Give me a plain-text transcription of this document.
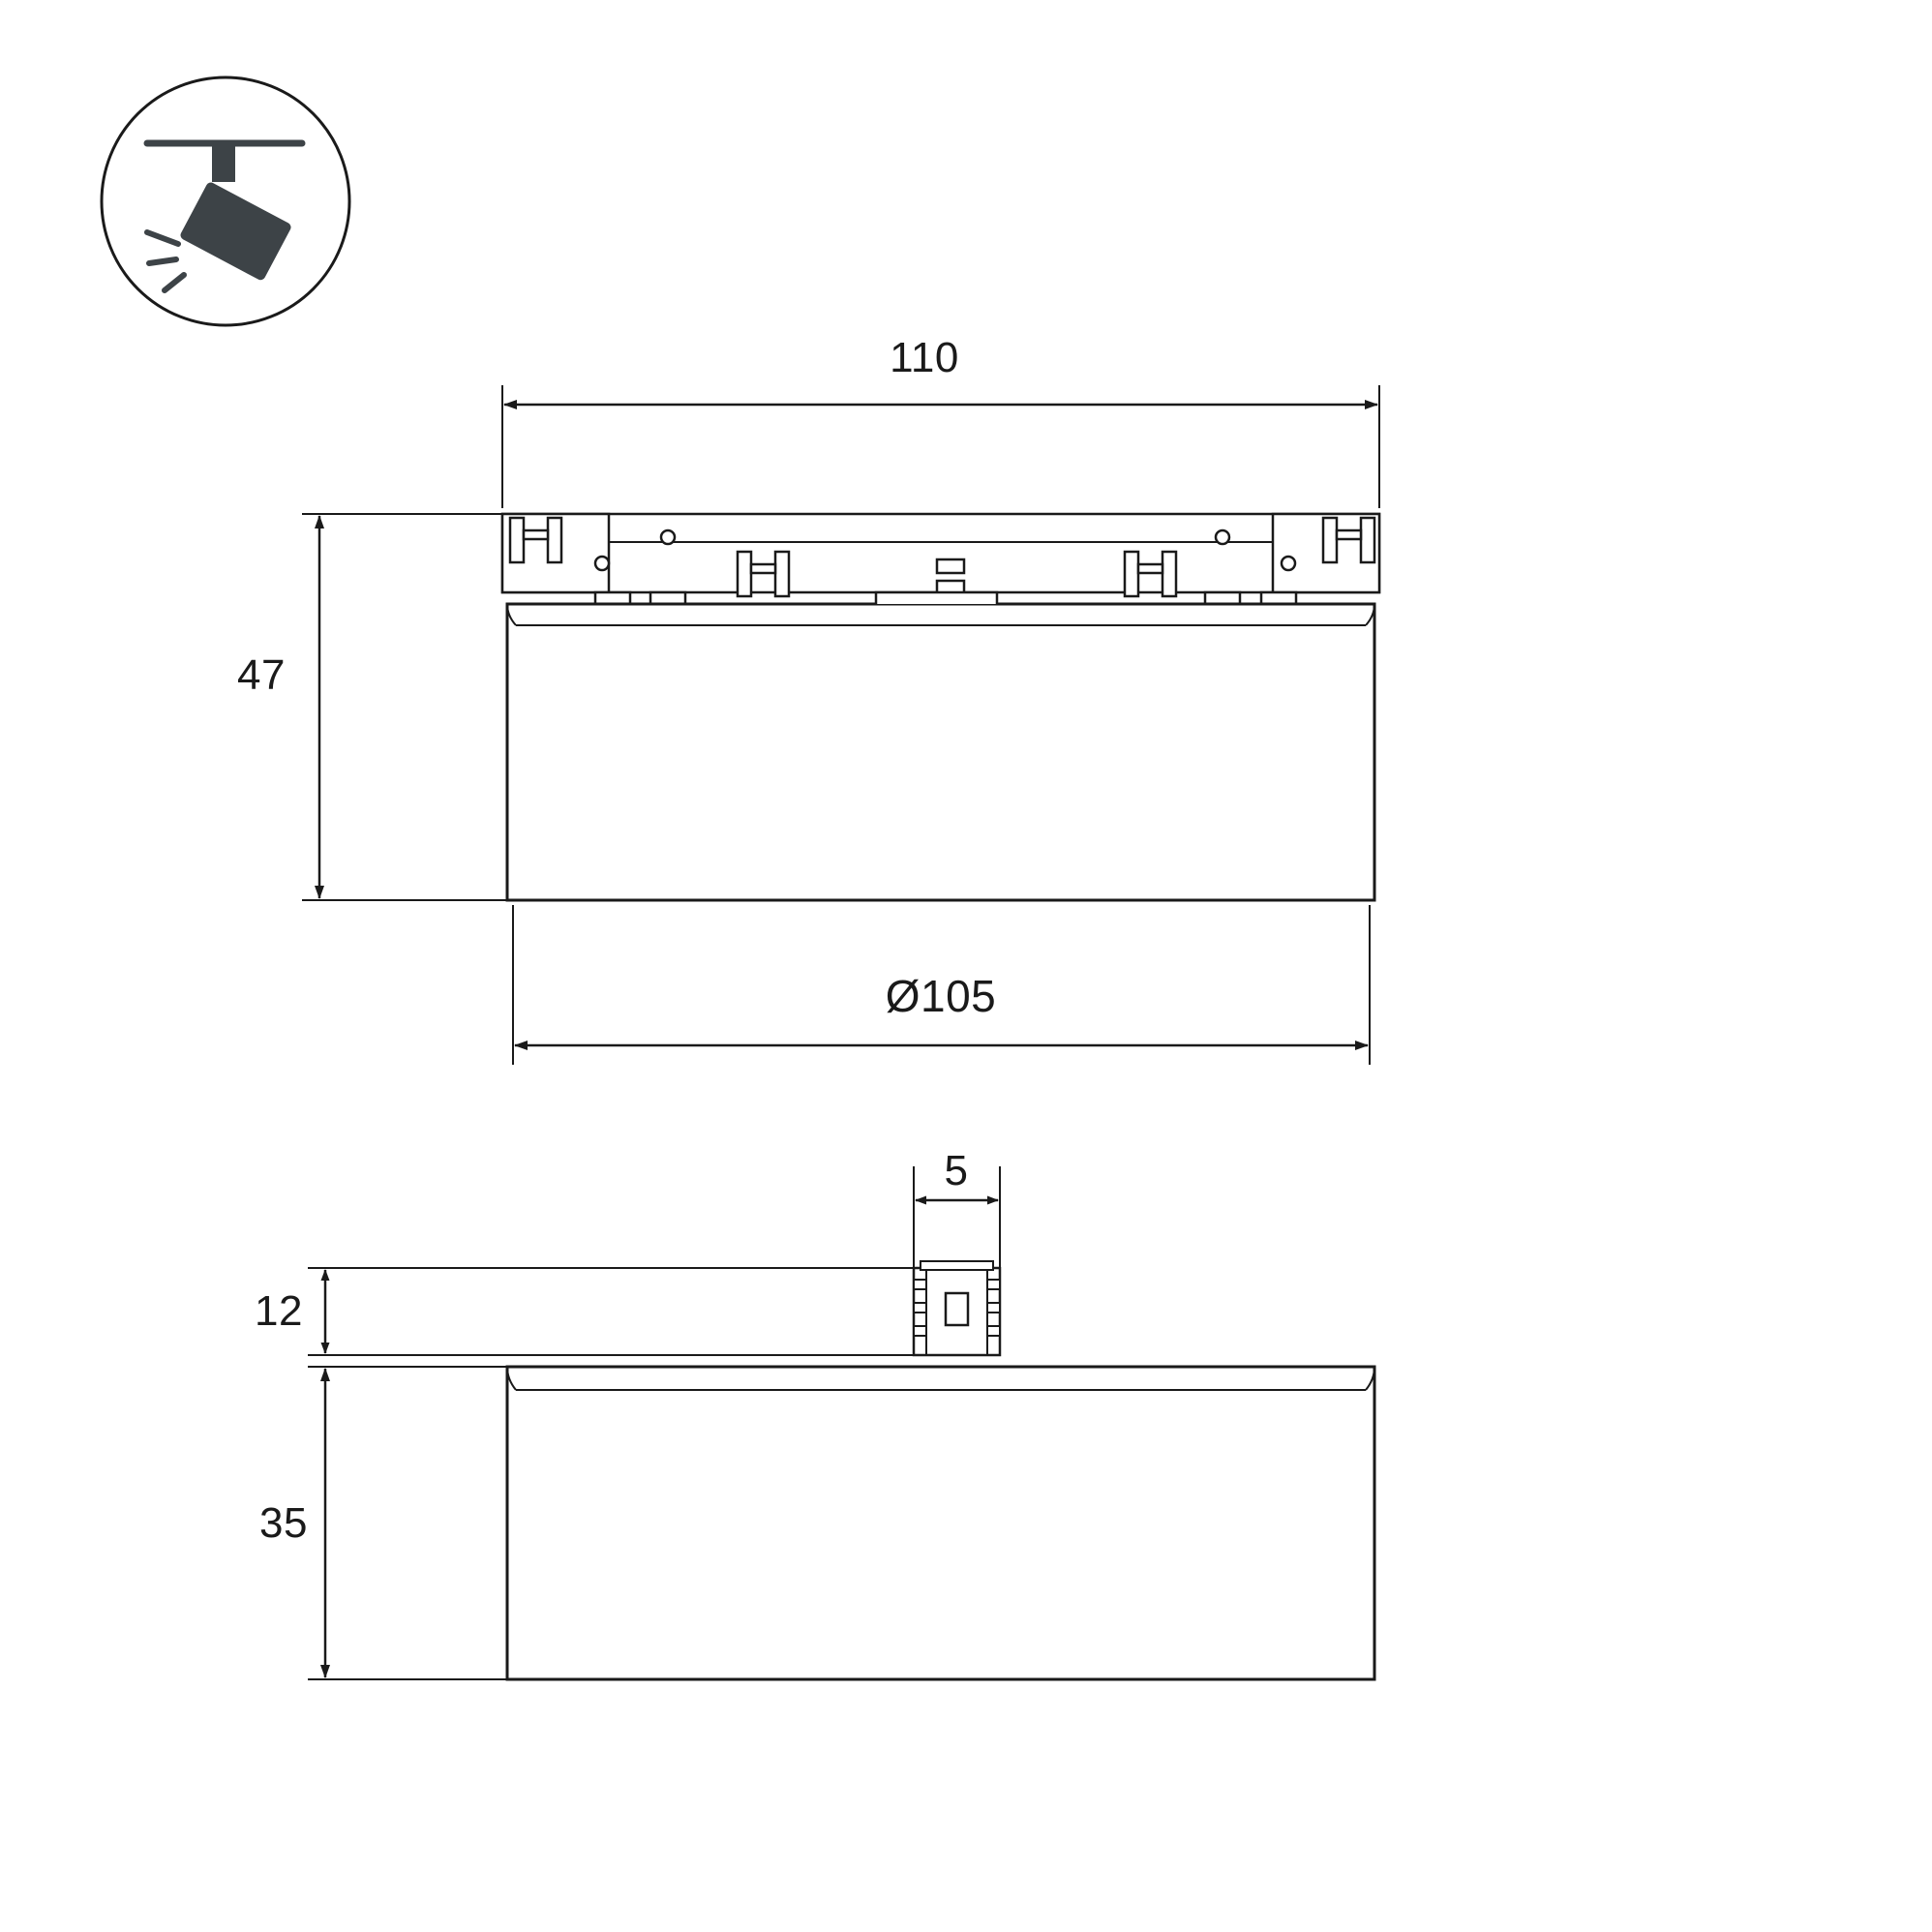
110
47
Ø105
5
12
35
